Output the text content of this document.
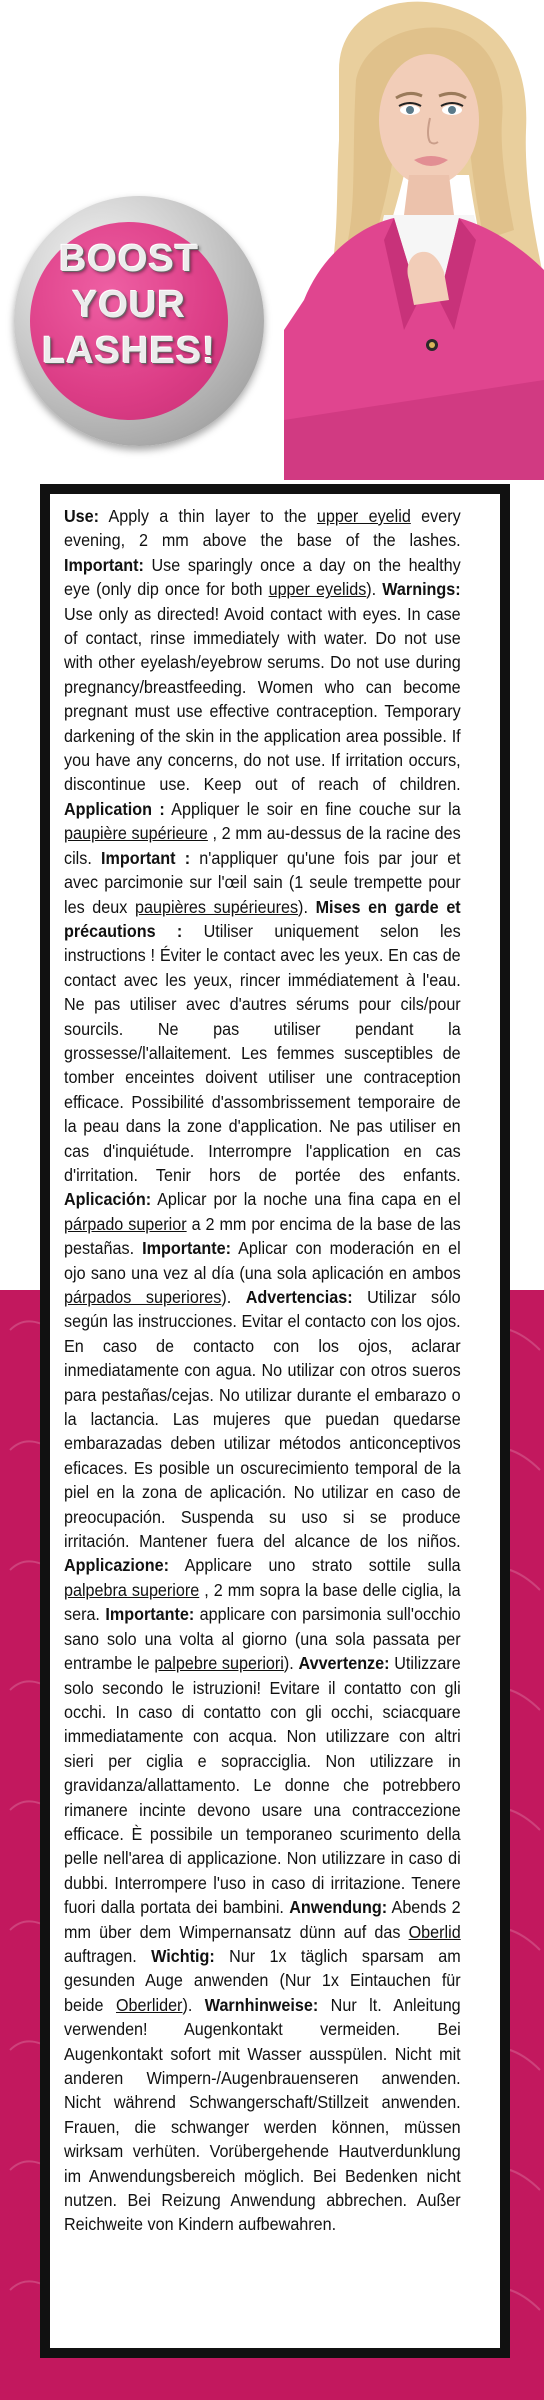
BOOST
YOUR
LASHES!
Use: Apply a thin layer to the upper eyelid every evening, 2 mm above the base of the lashes. Important: Use sparingly once a day on the healthy eye (only dip once for both upper eyelids). Warnings: Use only as directed! Avoid contact with eyes. In case of contact, rinse immediately with water. Do not use with other eyelash/eyebrow serums. Do not use during pregnancy/breastfeeding. Women who can become pregnant must use effective contraception. Temporary darkening of the skin in the application area possible. If you have any concerns, do not use. If irritation occurs, discontinue use. Keep out of reach of children. Application : Appliquer le soir en fine couche sur la paupière supérieure , 2 mm au-dessus de la racine des cils. Important : n'appliquer qu'une fois par jour et avec parcimonie sur l'œil sain (1 seule trempette pour les deux paupières supérieures). Mises en garde et précautions : Utiliser uniquement selon les instructions ! Éviter le contact avec les yeux. En cas de contact avec les yeux, rincer immédiatement à l'eau. Ne pas utiliser avec d'autres sérums pour cils/pour sourcils. Ne pas utiliser pendant la grossesse/l'allaitement. Les femmes susceptibles de tomber enceintes doivent utiliser une contraception efficace. Possibilité d'assombrissement temporaire de la peau dans la zone d'application. Ne pas utiliser en cas d'inquiétude. Interrompre l'application en cas d'irritation. Tenir hors de portée des enfants. Aplicación: Aplicar por la noche una fina capa en el párpado superior a 2 mm por encima de la base de las pestañas. Importante: Aplicar con moderación en el ojo sano una vez al día (una sola aplicación en ambos párpados superiores). Advertencias: Utilizar sólo según las instrucciones. Evitar el contacto con los ojos. En caso de contacto con los ojos, aclarar inmediatamente con agua. No utilizar con otros sueros para pestañas/cejas. No utilizar durante el embarazo o la lactancia. Las mujeres que puedan quedarse embarazadas deben utilizar métodos anticonceptivos eficaces. Es posible un oscurecimiento temporal de la piel en la zona de aplicación. No utilizar en caso de preocupación. Suspenda su uso si se produce irritación. Mantener fuera del alcance de los niños. Applicazione: Applicare uno strato sottile sulla palpebra superiore , 2 mm sopra la base delle ciglia, la sera. Importante: applicare con parsimonia sull'occhio sano solo una volta al giorno (una sola passata per entrambe le palpebre superiori). Avvertenze: Utilizzare solo secondo le istruzioni! Evitare il contatto con gli occhi. In caso di contatto con gli occhi, sciacquare immediatamente con acqua. Non utilizzare con altri sieri per ciglia e sopracciglia. Non utilizzare in gravidanza/allattamento. Le donne che potrebbero rimanere incinte devono usare una contraccezione efficace. È possibile un temporaneo scurimento della pelle nell'area di applicazione. Non utilizzare in caso di dubbi. Interrompere l'uso in caso di irritazione. Tenere fuori dalla portata dei bambini. Anwendung: Abends 2 mm über dem Wimpernansatz dünn auf das Oberlid auftragen. Wichtig: Nur 1x täglich sparsam am gesunden Auge anwenden (Nur 1x Eintauchen für beide Oberlider). Warnhinweise: Nur lt. Anleitung verwenden! Augenkontakt vermeiden. Bei Augenkontakt sofort mit Wasser ausspülen. Nicht mit anderen Wimpern-/Augenbrauenseren anwenden. Nicht während Schwangerschaft/Stillzeit anwenden. Frauen, die schwanger werden können, müssen wirksam verhüten. Vorübergehende Hautverdunklung im Anwendungsbereich möglich. Bei Bedenken nicht nutzen. Bei Reizung Anwendung abbrechen. Außer Reichweite von Kindern aufbewahren.
